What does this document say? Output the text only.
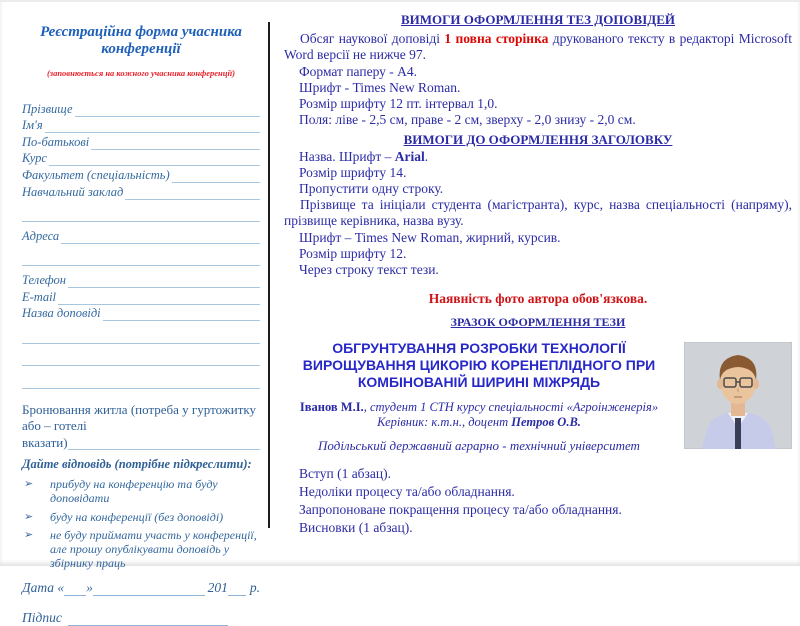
Реєстраційна форма учасника конференції
(заповнюється на кожного учасника конференції)
Прізвище
Ім'я
По-батькові
Курс
Факультет (спеціальність)
Навчальний заклад
Адреса
Телефон
E-mail
Назва доповіді
Бронювання житла (потреба у гуртожитку або – готелі
вказати)
Дайте відповідь (потрібне підкреслити):
➢	прибуду на конференцію та буду доповідати
➢	буду на конференції (без доповіді)
➢	не буду приймати участь у конференції, але прошу опублікувати доповідь у збірнику праць
Дата « »	201 р.
Підпис
ВИМОГИ ОФОРМЛЕННЯ ТЕЗ ДОПОВІДЕЙ
Обсяг наукової доповіді 1 повна сторінка друкованого тексту в редакторі Microsoft Word версії не нижче 97.
Формат паперу - А4.
Шрифт - Times New Roman.
Розмір шрифту 12 пт. інтервал 1,0.
Поля: ліве - 2,5 см, праве - 2 см, зверху - 2,0 знизу - 2,0 см.
ВИМОГИ ДО ОФОРМЛЕННЯ ЗАГОЛОВКУ
Назва. Шрифт – Arial.
Розмір шрифту 14.
Пропустити одну строку.
Прізвище та ініціали студента (магістранта), курс, назва спеціальності (напряму), прізвище керівника, назва вузу.
Шрифт – Times New Roman, жирний, курсив.
Розмір шрифту 12.
Через строку текст тези.
Наявність фото автора обов'язкова.
ЗРАЗОК ОФОРМЛЕННЯ ТЕЗИ
ОБГРУНТУВАННЯ РОЗРОБКИ ТЕХНОЛОГІЇ ВИРОЩУВАННЯ ЦИКОРІЮ КОРЕНЕПЛІДНОГО ПРИ КОМБІНОВАНІЙ ШИРИНІ МІЖРЯДЬ
Іванов М.І., студент 1 СТН курсу спеціальності «Агроінженерія»
Керівник: к.т.н., доцент Петров О.В.
Подільський державний аграрно - технічний університет
Вступ (1 абзац).
Недоліки процесу та/або обладнання.
Запропоноване покращення процесу та/або обладнання.
Висновки (1 абзац).
